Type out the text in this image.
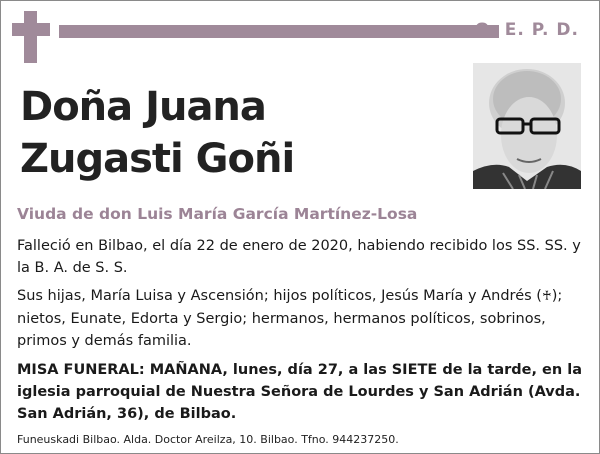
Q. E. P. D.
Doña Juana
Zugasti Goñi
Viuda de don Luis María García Martínez-Losa
Falleció en Bilbao, el día 22 de enero de 2020, habiendo recibido los SS. SS. y la B. A. de S. S.
Sus hijas, María Luisa y Ascensión; hijos políticos, Jesús María y Andrés (♰); nietos, Eunate, Edorta y Sergio; hermanos, hermanos políticos, sobrinos, primos y demás familia.
MISA FUNERAL: MAÑANA, lunes, día 27, a las SIETE de la tarde, en la iglesia parroquial de Nuestra Señora de Lourdes y San Adrián (Avda. San Adrián, 36), de Bilbao.
Funeuskadi Bilbao. Alda. Doctor Areilza, 10. Bilbao. Tfno. 944237250.
